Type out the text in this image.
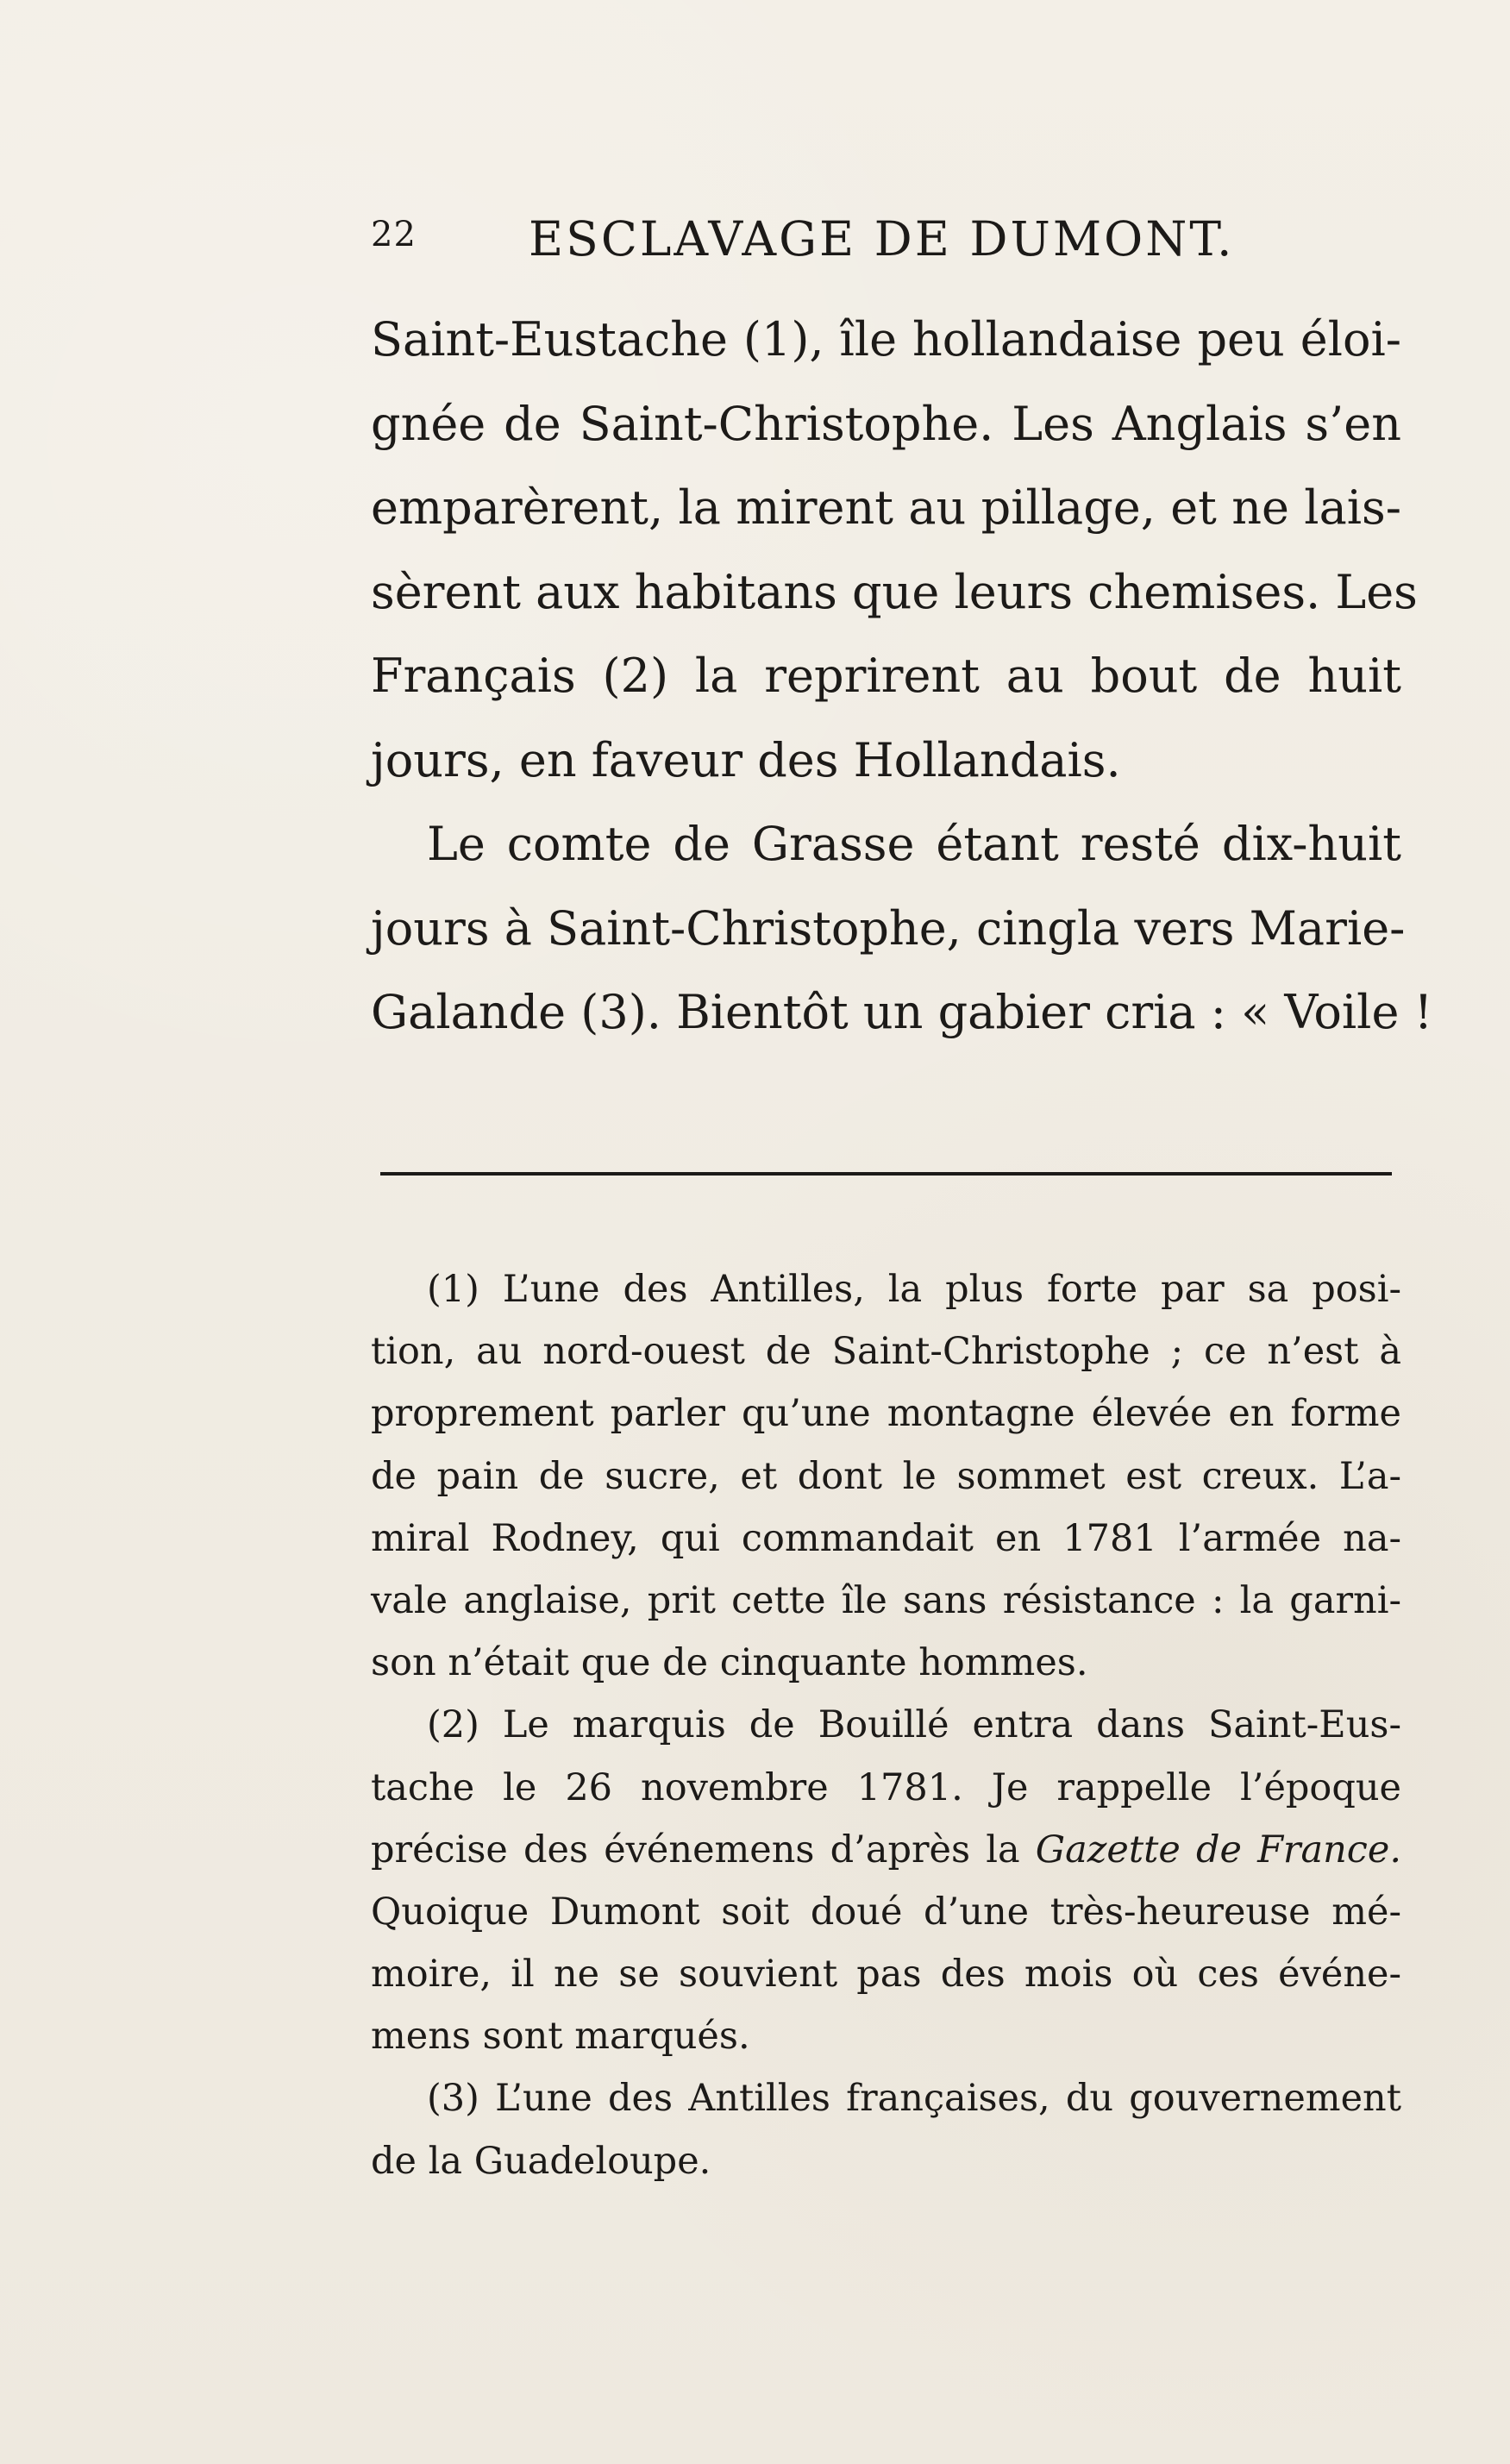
22 ESCLAVAGE DE DUMONT.
Saint-Eustache (1), île hollandaise peu éloi-
gnée de Saint-Christophe. Les Anglais s’en
emparèrent, la mirent au pillage, et ne lais-
sèrent aux habitans que leurs chemises. Les
Français (2) la reprirent au bout de huit
jours, en faveur des Hollandais.
Le comte de Grasse étant resté dix-huit
jours à Saint-Christophe, cingla vers Marie-
Galande (3). Bientôt un gabier cria : « Voile !
(1) L’une des Antilles, la plus forte par sa posi-
tion, au nord-ouest de Saint-Christophe ; ce n’est à
proprement parler qu’une montagne élevée en forme
de pain de sucre, et dont le sommet est creux. L’a-
miral Rodney, qui commandait en 1781 l’armée na-
vale anglaise, prit cette île sans résistance : la garni-
son n’était que de cinquante hommes.
(2) Le marquis de Bouillé entra dans Saint-Eus-
tache le 26 novembre 1781. Je rappelle l’époque
précise des événemens d’après la Gazette de France.
Quoique Dumont soit doué d’une très-heureuse mé-
moire, il ne se souvient pas des mois où ces événe-
mens sont marqués.
(3) L’une des Antilles françaises, du gouvernement
de la Guadeloupe.
